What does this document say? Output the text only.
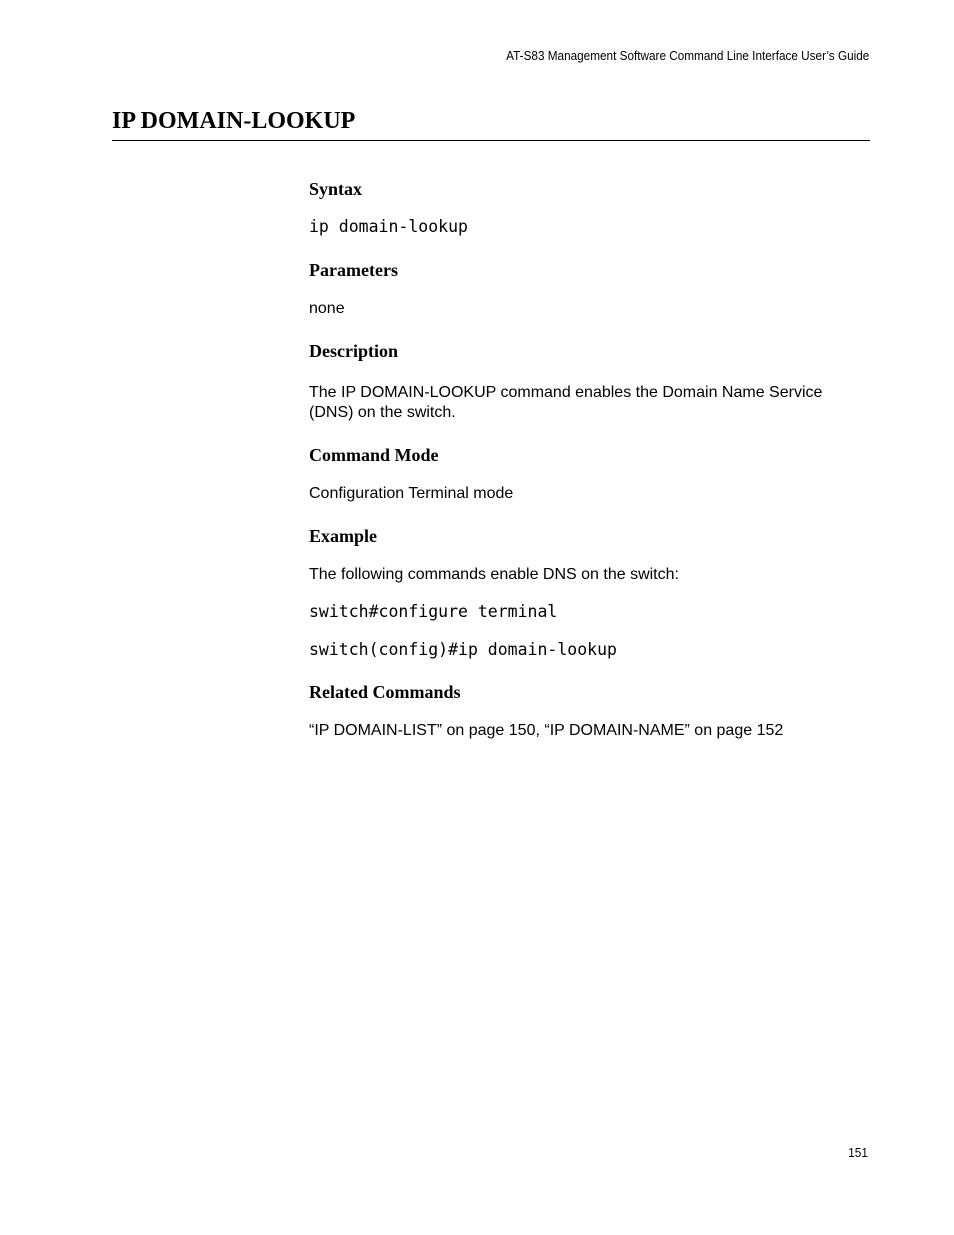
AT-S83 Management Software Command Line Interface User’s Guide
IP DOMAIN-LOOKUP
Syntax
ip domain-lookup
Parameters
none
Description
The IP DOMAIN-LOOKUP command enables the Domain Name Service (DNS) on the switch.
Command Mode
Configuration Terminal mode
Example
The following commands enable DNS on the switch:
switch#configure terminal
switch(config)#ip domain-lookup
Related Commands
“IP DOMAIN-LIST” on page 150, “IP DOMAIN-NAME” on page 152
151
